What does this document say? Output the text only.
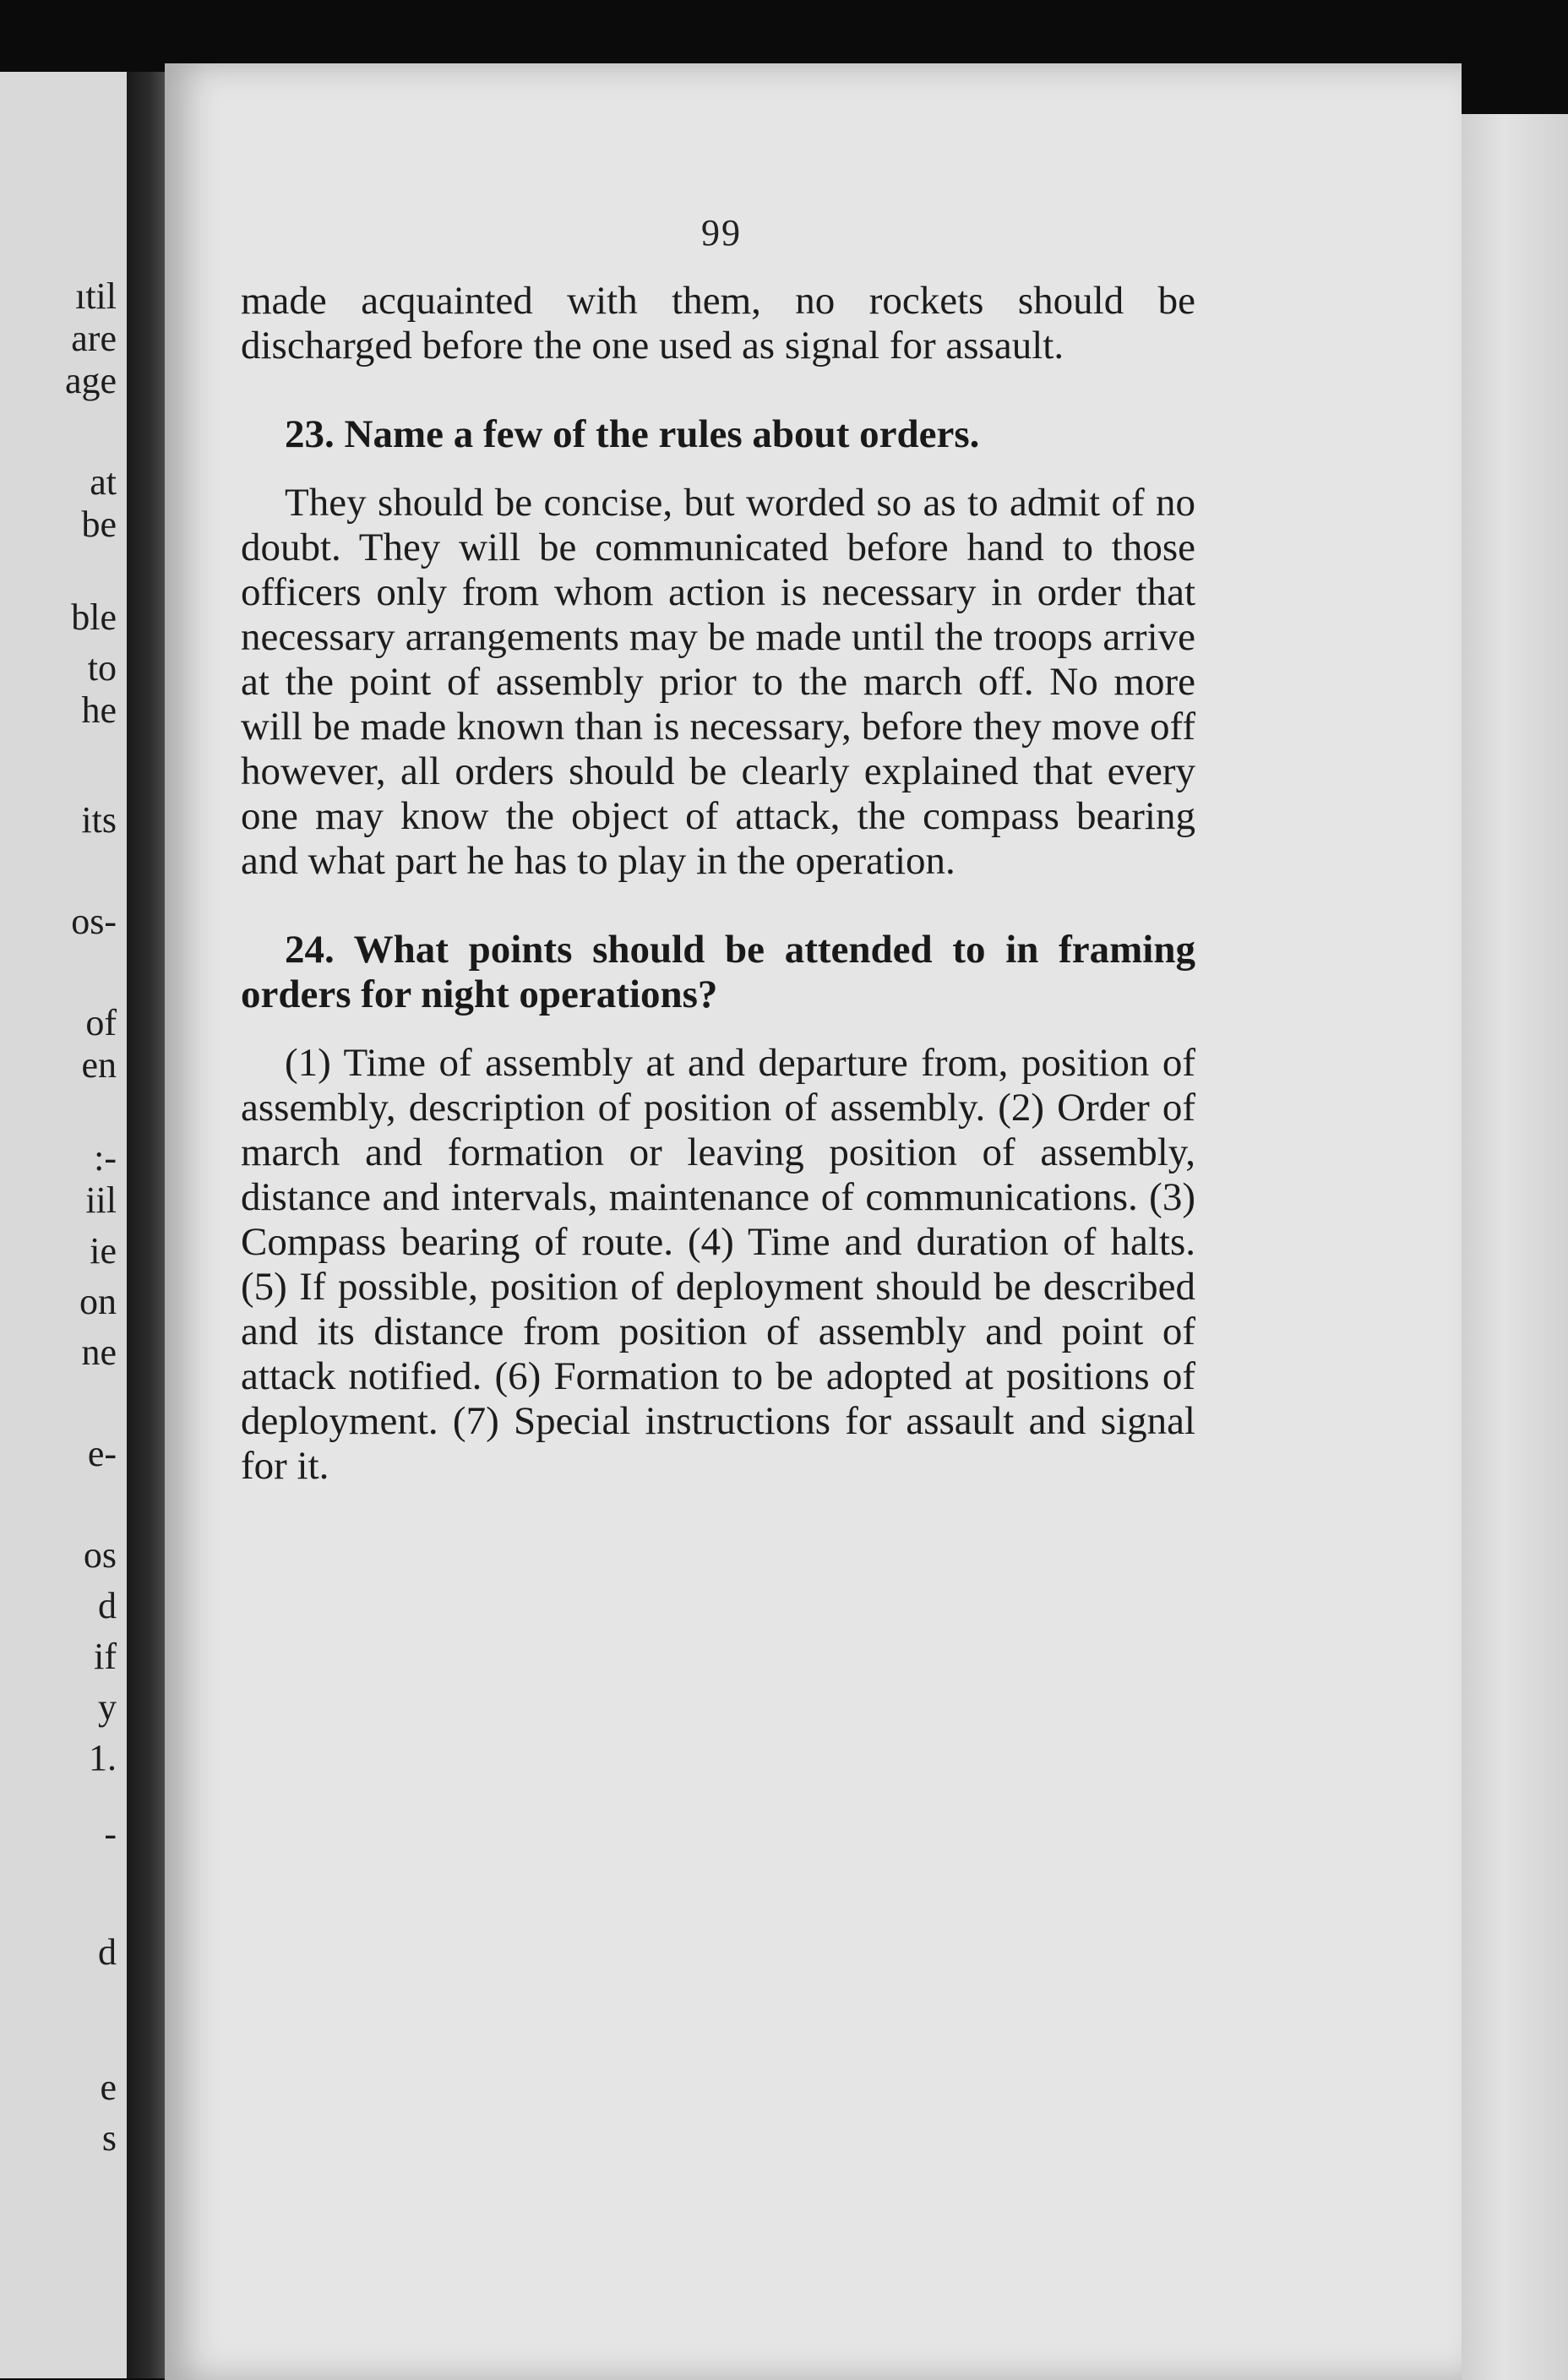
ıtil
are
age
at
be
ble
to
he
its
os-
of
en
:-
iil
ie
on
ne
e-
os
d
if
y
1.
-
d
e
s
99

made acquainted with them, no rockets should be discharged before the one used as signal for assault.

23. Name a few of the rules about orders.

They should be concise, but worded so as to admit of no doubt. They will be communicated before hand to those officers only from whom action is necessary in order that necessary arrangements may be made until the troops arrive at the point of assembly prior to the march off. No more will be made known than is necessary, before they move off however, all orders should be clearly explained that every one may know the object of attack, the compass bearing and what part he has to play in the operation.

24. What points should be attended to in framing orders for night operations?

(1) Time of assembly at and departure from, position of assembly, description of position of assembly. (2) Order of march and formation or leaving position of assembly, distance and intervals, maintenance of communications. (3) Compass bearing of route. (4) Time and duration of halts. (5) If possible, position of deployment should be described and its distance from position of assembly and point of attack notified. (6) Formation to be adopted at positions of deployment. (7) Special instructions for assault and signal for it.
